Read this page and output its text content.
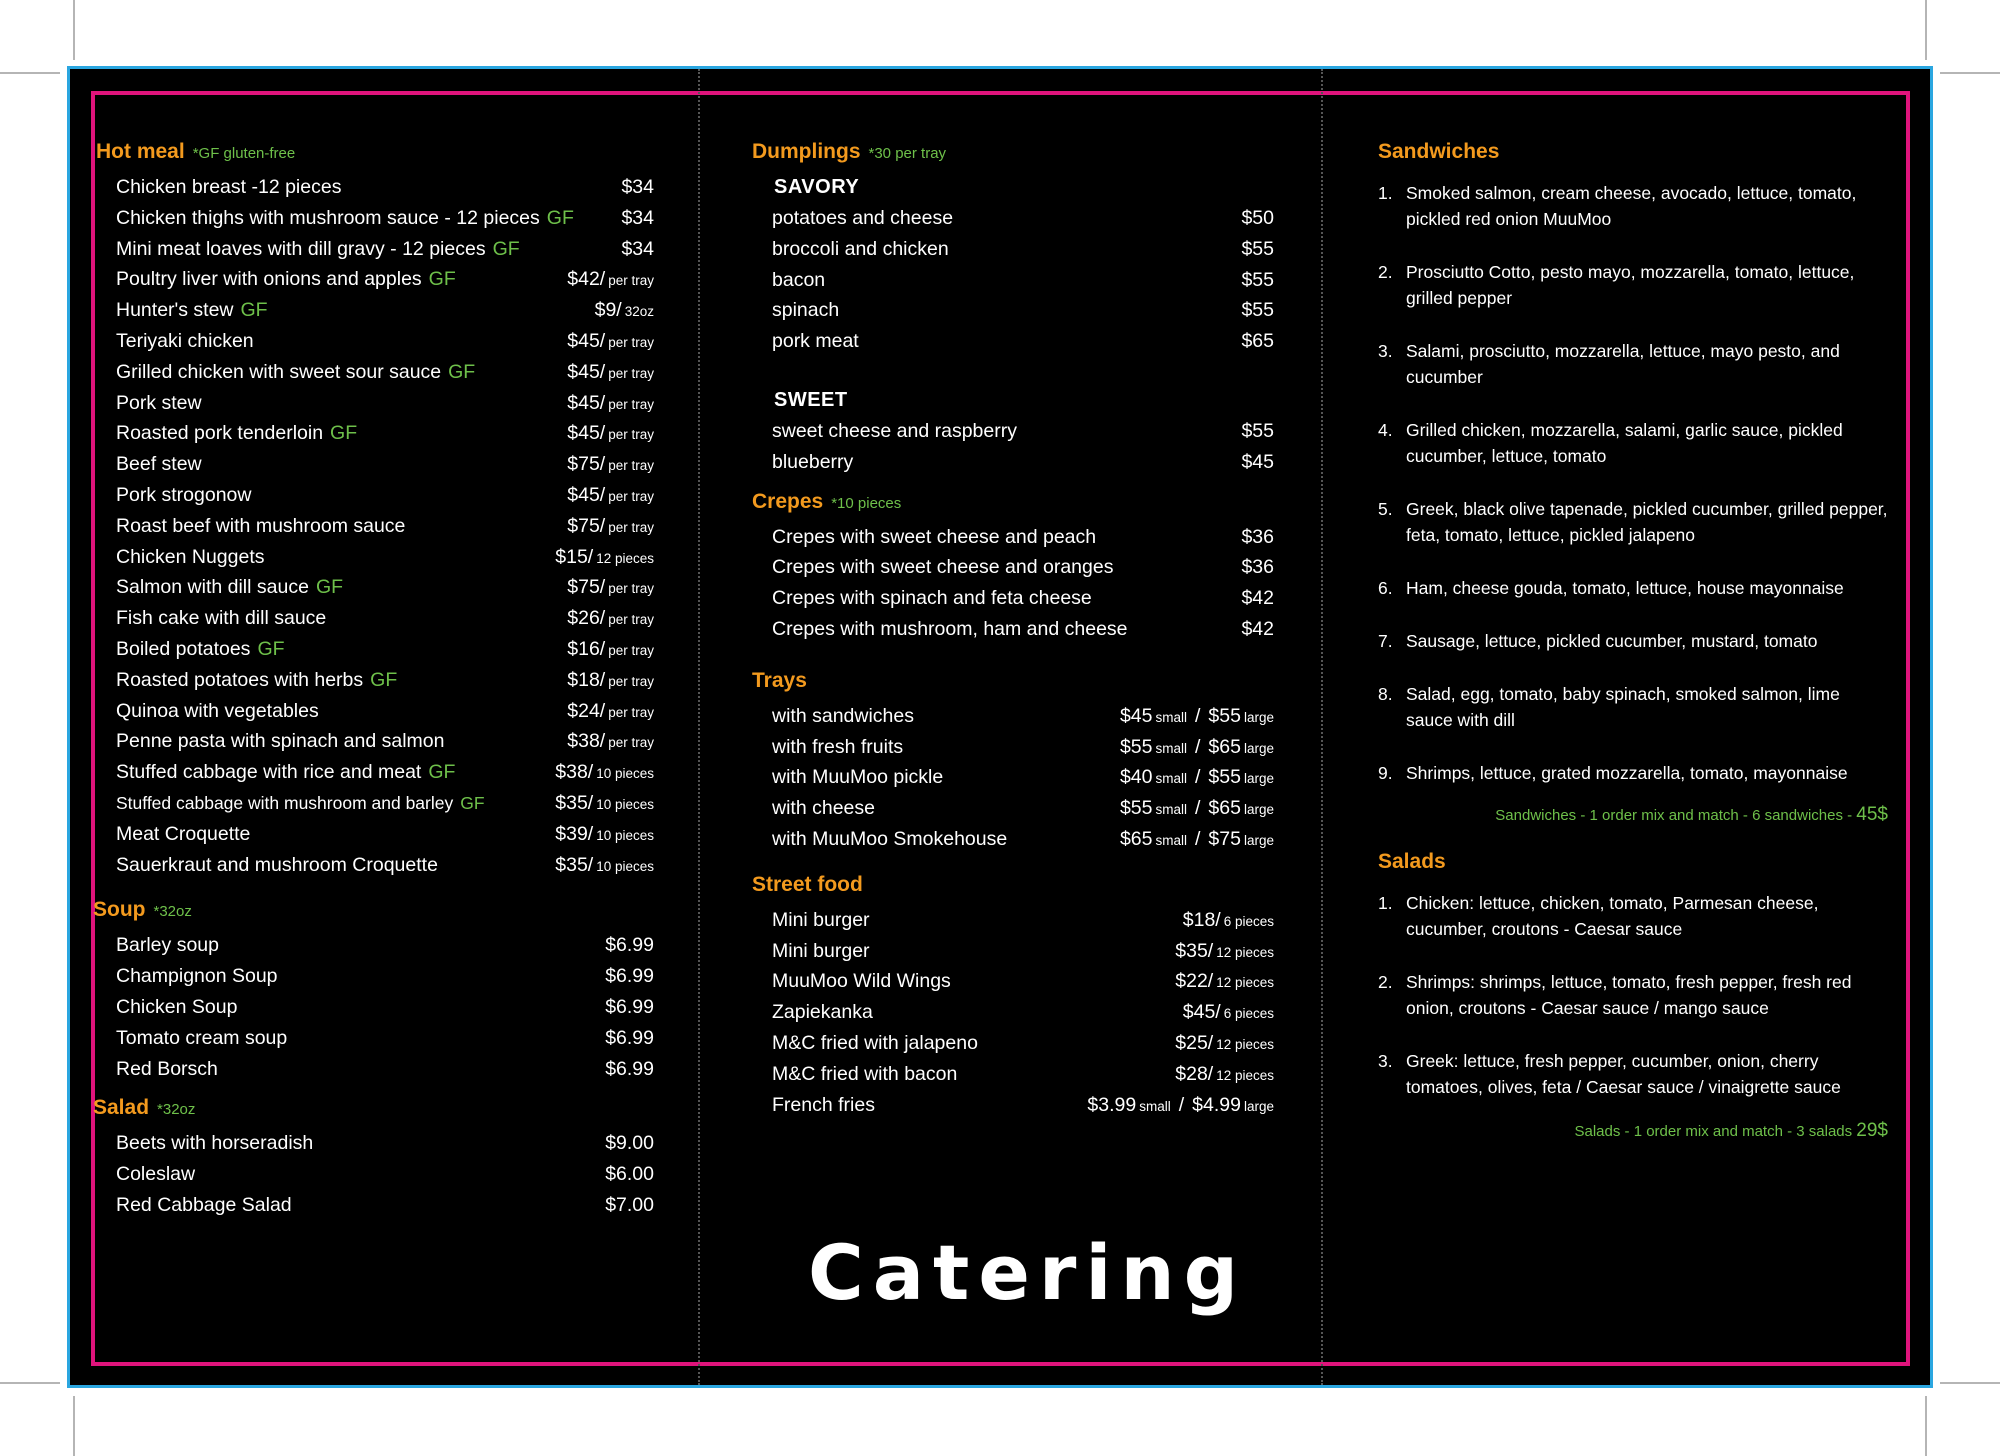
Hot meal *GF gluten-free
Chicken breast -12 pieces	$34
Chicken thighs with mushroom sauce - 12 pieces GF $34
Mini meat loaves with dill gravy - 12 pieces GF	$34
Poultry liver with onions and apples GF	$42/ per tray
Hunter's stew GF	$9/ 32oz
Teriyaki chicken	$45/ per tray
Grilled chicken with sweet sour sauce GF	$45/ per tray
Pork stew	$45/ per tray
Roasted pork tenderloin GF	$45/ per tray
Beef stew	$75/ per tray
Pork strogonow	$45/ per tray
Roast beef with mushroom sauce	$75/ per tray
Chicken Nuggets	$15/ 12 pieces
Salmon with dill sauce GF	$75/ per tray
Fish cake with dill sauce	$26/ per tray
Boiled potatoes GF	$16/ per tray
Roasted potatoes with herbs GF	$18/ per tray
Quinoa with vegetables	$24/ per tray
Penne pasta with spinach and salmon	$38/ per tray
Stuffed cabbage with rice and meat GF	$38/ 10 pieces
Stuffed cabbage with mushroom and barley GF	$35/ 10 pieces
Meat Croquette	$39/ 10 pieces
Sauerkraut and mushroom Croquette	$35/ 10 pieces
Soup *32oz
Barley soup	$6.99
Champignon Soup	$6.99
Chicken Soup	$6.99
Tomato cream soup	$6.99
Red Borsch	$6.99
Salad *32oz
Beets with horseradish	$9.00
Coleslaw	$6.00
Red Cabbage Salad	$7.00
Dumplings *30 per tray
SAVORY
potatoes and cheese	$50
broccoli and chicken	$55
bacon	$55
spinach	$55
pork meat	$65
SWEET
sweet cheese and raspberry	$55
blueberry	$45
Crepes *10 pieces
Crepes with sweet cheese and peach	$36
Crepes with sweet cheese and oranges	$36
Crepes with spinach and feta cheese	$42
Crepes with mushroom, ham and cheese	$42
Trays
with sandwiches	$45 small / $55 large
with fresh fruits	$55 small / $65 large
with MuuMoo pickle	$40 small / $55 large
with cheese	$55 small / $65 large
with MuuMoo Smokehouse	$65 small / $75 large
Street food
Mini burger	$18/ 6 pieces
Mini burger	$35/ 12 pieces
MuuMoo Wild Wings	$22/ 12 pieces
Zapiekanka	$45/ 6 pieces
M&C fried with jalapeno	$25/ 12 pieces
M&C fried with bacon	$28/ 12 pieces
French fries	$3.99 small / $4.99 large
Catering
Sandwiches
1. Smoked salmon, cream cheese, avocado, lettuce, tomato, pickled red onion MuuMoo
2. Prosciutto Cotto, pesto mayo, mozzarella, tomato, lettuce, grilled pepper
3. Salami, prosciutto, mozzarella, lettuce, mayo pesto, and cucumber
4. Grilled chicken, mozzarella, salami, garlic sauce, pickled cucumber, lettuce, tomato
5. Greek, black olive tapenade, pickled cucumber, grilled pepper, feta, tomato, lettuce, pickled jalapeno
6. Ham, cheese gouda, tomato, lettuce, house mayonnaise
7. Sausage, lettuce, pickled cucumber, mustard, tomato
8. Salad, egg, tomato, baby spinach, smoked salmon, lime sauce with dill
9. Shrimps, lettuce, grated mozzarella, tomato, mayonnaise
Sandwiches - 1 order mix and match - 6 sandwiches - 45$
Salads
1. Chicken: lettuce, chicken, tomato, Parmesan cheese, cucumber, croutons - Caesar sauce
2. Shrimps: shrimps, lettuce, tomato, fresh pepper, fresh red onion, croutons - Caesar sauce / mango sauce
3. Greek: lettuce, fresh pepper, cucumber, onion, cherry tomatoes, olives, feta / Caesar sauce / vinaigrette sauce
Salads - 1 order mix and match - 3 salads 29$
